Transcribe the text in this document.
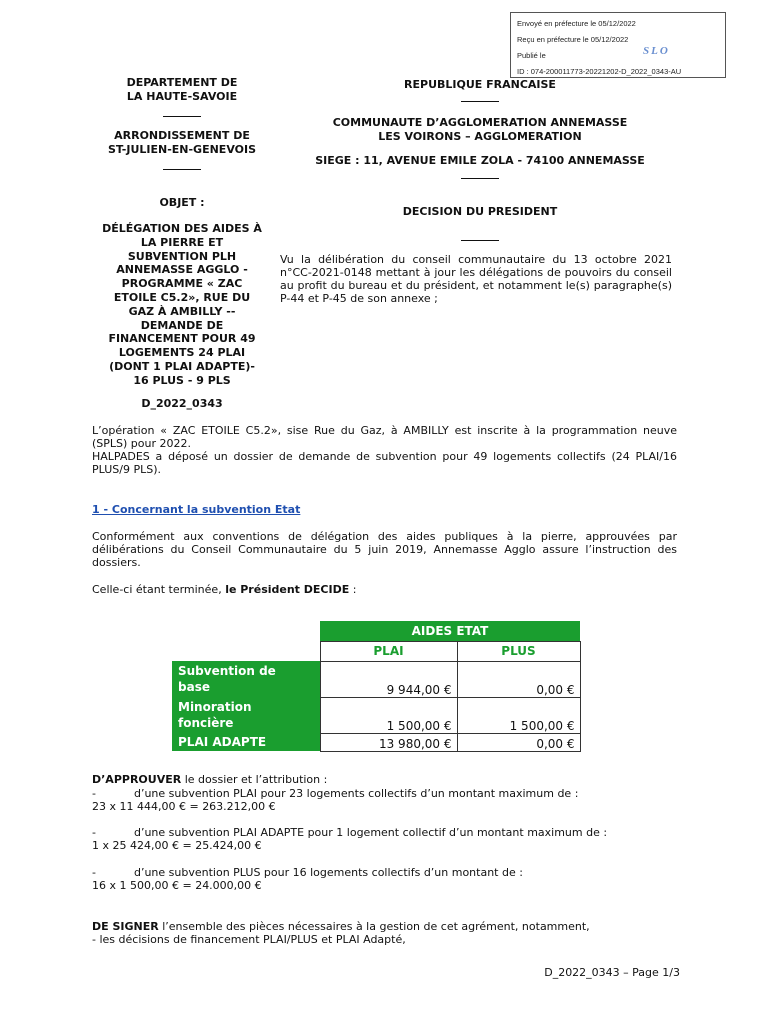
Envoyé en préfecture le 05/12/2022
Reçu en préfecture le 05/12/2022
Publié le	SLO
ID : 074-200011773-20221202-D_2022_0343-AU
DEPARTEMENT DE
LA HAUTE-SAVOIE
ARRONDISSEMENT DE
ST-JULIEN-EN-GENEVOIS
OBJET :
DÉLÉGATION DES AIDES À
LA PIERRE ET
SUBVENTION PLH
ANNEMASSE AGGLO -
PROGRAMME « ZAC
ETOILE C5.2», RUE DU
GAZ À AMBILLY --
DEMANDE DE
FINANCEMENT POUR 49
LOGEMENTS 24 PLAI
(DONT 1 PLAI ADAPTE)-
16 PLUS - 9 PLS
D_2022_0343
REPUBLIQUE FRANCAISE
COMMUNAUTE D’AGGLOMERATION ANNEMASSE
LES VOIRONS – AGGLOMERATION
SIEGE : 11, AVENUE EMILE ZOLA - 74100 ANNEMASSE
DECISION DU PRESIDENT

Vu la délibération du conseil communautaire du 13 octobre 2021 n°CC-2021-0148 mettant à jour les délégations de pouvoirs du conseil au profit du bureau et du président, et notamment le(s) paragraphe(s) P-44 et P-45 de son annexe ;

L’opération « ZAC ETOILE C5.2», sise Rue du Gaz, à AMBILLY est inscrite à la programmation neuve (SPLS) pour 2022.

HALPADES a déposé un dossier de demande de subvention pour 49 logements collectifs (24 PLAI/16 PLUS/9 PLS).

1 - Concernant la subvention Etat

Conformément aux conventions de délégation des aides publiques à la pierre, approuvées par délibérations du Conseil Communautaire du 5 juin 2019, Annemasse Agglo assure l’instruction des dossiers.

Celle-ci étant terminée, le Président DECIDE :

	AIDES ETAT	
	PLAI	PLUS

Subvention de
base	9 944,00 €	0,00 €

Minoration
foncière	1 500,00 €	1 500,00 €
PLAI ADAPTE	13 980,00 €	0,00 €

D’APPROUVER le dossier et l’attribution :

-	d’une subvention PLAI pour 23 logements collectifs d’un montant maximum de :
23 x 11 444,00 € = 263.212,00 €
-	d’une subvention PLAI ADAPTE pour 1 logement collectif d’un montant maximum de :
1 x 25 424,00 € = 25.424,00 €
-	d’une subvention PLUS pour 16 logements collectifs d’un montant de :
16 x 1 500,00 € = 24.000,00 €

DE SIGNER l’ensemble des pièces nécessaires à la gestion de cet agrément, notamment,

- les décisions de financement PLAI/PLUS et PLAI Adapté,

D_2022_0343 – Page 1/3
